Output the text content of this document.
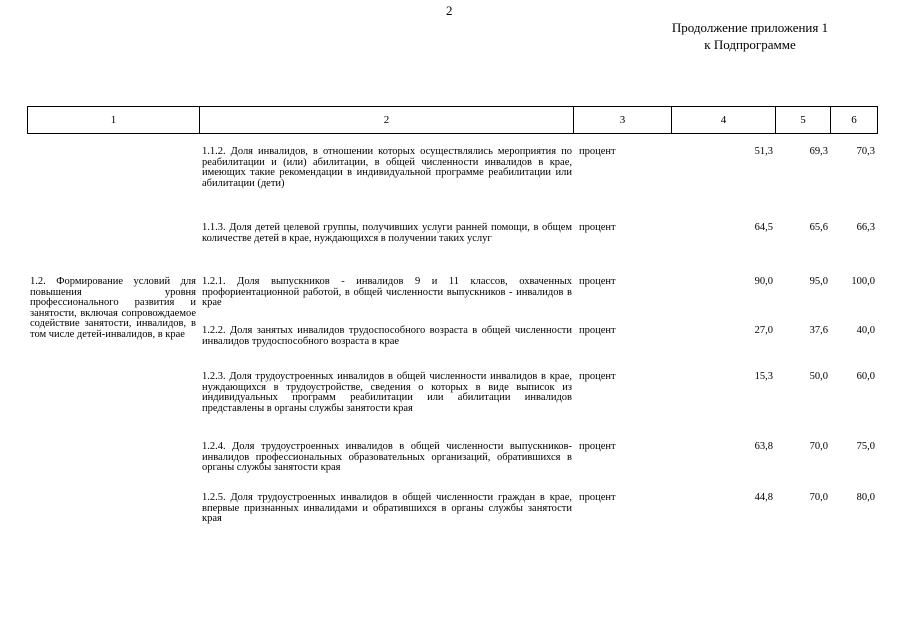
2
Продолжение приложения 1
к Подпрограмме
1	2	3	4	5	6
1.2. Формирование условий для повышения уровня профессионального развития и занятости, включая сопровождаемое содействие занятости, инвалидов, в том числе детей-инвалидов, в крае
1.1.2. Доля инвалидов, в отношении которых осуществлялись мероприятия по реабилитации и (или) абилитации, в общей численности инвалидов в крае, имеющих такие рекомендации в индивидуальной программе реабилитации или абилитации (дети)
процент	51,3	69,3	70,3
1.1.3. Доля детей целевой группы, получивших услуги ранней помощи, в общем количестве детей в крае, нуждающихся в получении таких услуг
процент	64,5	65,6	66,3
1.2.1. Доля выпускников - инвалидов 9 и 11 классов, охваченных профориентационной работой, в общей численности выпускников - инвалидов в крае
процент	90,0	95,0	100,0
1.2.2. Доля занятых инвалидов трудоспособного возраста в общей численности инвалидов трудоспособного возраста в крае
процент	27,0	37,6	40,0
1.2.3. Доля трудоустроенных инвалидов в общей численности инвалидов в крае, нуждающихся в трудоустройстве, сведения о которых в виде выписок из индивидуальных программ реабилитации или абилитации инвалидов представлены в органы службы занятости края
процент	15,3	50,0	60,0
1.2.4. Доля трудоустроенных инвалидов в общей численности выпускников-инвалидов профессиональных образовательных организаций, обратившихся в органы службы занятости края
процент	63,8	70,0	75,0
1.2.5. Доля трудоустроенных инвалидов в общей численности граждан в крае, впервые признанных инвалидами и обратившихся в органы службы занятости края
процент	44,8	70,0	80,0
